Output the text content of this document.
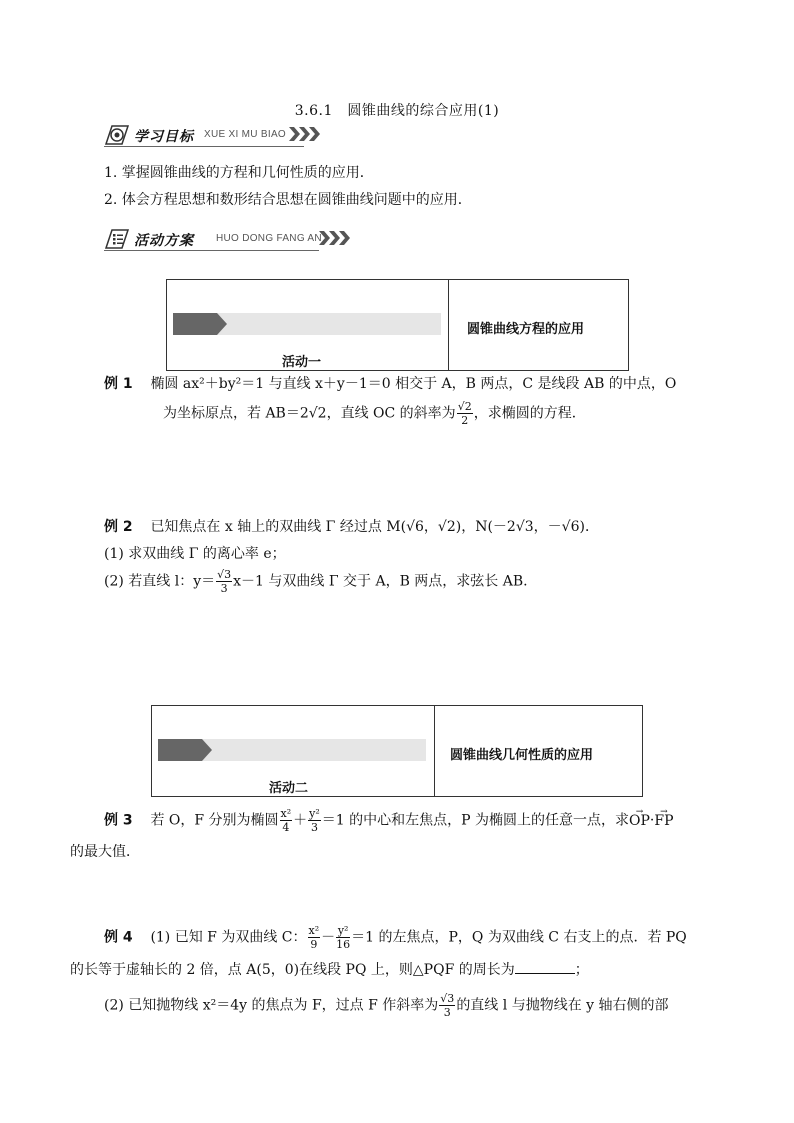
3.6.1　圆锥曲线的综合应用(1)
学习目标 XUE XI MU BIAO
1. 掌握圆锥曲线的方程和几何性质的应用．
2. 体会方程思想和数形结合思想在圆锥曲线问题中的应用．
活动方案 HUO DONG FANG AN
活动一
圆锥曲线方程的应用
例 1 椭圆 ax²＋by²＝1 与直线 x＋y－1＝0 相交于 A，B 两点，C 是线段 AB 的中点，O
为坐标原点，若 AB＝2√2，直线 OC 的斜率为 $\frac{√2}{2}$ ，求椭圆的方程．
例 2 已知焦点在 x 轴上的双曲线 Γ 经过点 M(√6，√2)，N(－2√3，－√6)．
(1) 求双曲线 Γ 的离心率 e；
(2) 若直线 l：$y= \frac{√3}{3} x-1$ 与双曲线 Γ 交于 A，B 两点，求弦长 AB.
活动二
圆锥曲线几何性质的应用
例 3 若 O，F 分别为椭圆 $\frac{\text{x²}}{4} + \frac{\text{y²}}{3} =1$ 的中心和左焦点，P 为椭圆上的任意一点，求→ OP·→ FP
的最大值．
例 4 (1) 已知 F 为双曲线 C： $\frac{\text{x²}}{9} - \frac{\text{y²}}{16} =1$ 的左焦点，P，Q 为双曲线 C 右支上的点．若 PQ
的长等于虚轴长的 2 倍，点 A(5，0)在线段 PQ 上，则△PQF 的周长为	；
(2) 已知抛物线 x²＝4y 的焦点为 F，过点 F 作斜率为 $\frac{√3}{3}$ 的直线 l 与抛物线在 y 轴右侧的部
